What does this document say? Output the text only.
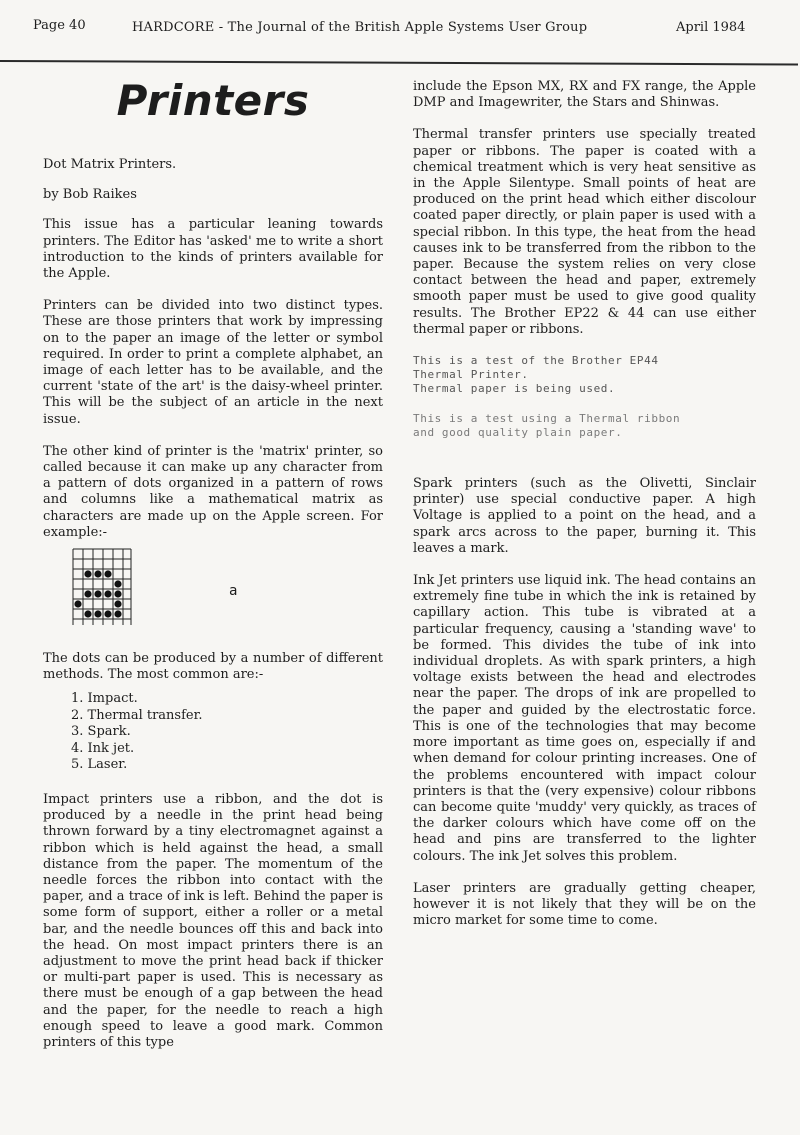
Page 40	HARDCORE - The Journal of the British Apple Systems User Group	April 1984
Printers

Dot Matrix Printers.

by Bob Raikes

This issue has a particular leaning towards printers. The Editor has 'asked' me to write a short introduction to the kinds of printers available for the Apple.

Printers can be divided into two distinct types. These are those printers that work by impressing on to the paper an image of the letter or symbol required. In order to print a complete alphabet, an image of each letter has to be available, and the current 'state of the art' is the daisy-wheel printer. This will be the subject of an article in the next issue.

The other kind of printer is the 'matrix' printer, so called because it can make up any character from a pattern of dots organized in a pattern of rows and columns like a mathematical matrix as characters are made up on the Apple screen. For example:-

a

The dots can be produced by a number of different methods. The most common are:-

1. Impact.
2. Thermal transfer.
3. Spark.
4. Ink jet.
5. Laser.

Impact printers use a ribbon, and the dot is produced by a needle in the print head being thrown forward by a tiny electromagnet against a ribbon which is held against the head, a small distance from the paper. The momentum of the needle forces the ribbon into contact with the paper, and a trace of ink is left. Behind the paper is some form of support, either a roller or a metal bar, and the needle bounces off this and back into the head. On most impact printers there is an adjustment to move the print head back if thicker or multi-part paper is used. This is necessary as there must be enough of a gap between the head and the paper, for the needle to reach a high enough speed to leave a good mark. Common printers of this type

include the Epson MX, RX and FX range, the Apple DMP and Imagewriter, the Stars and Shinwas.

Thermal transfer printers use specially treated paper or ribbons. The paper is coated with a chemical treatment which is very heat sensitive as in the Apple Silentype. Small points of heat are produced on the print head which either discolour coated paper directly, or plain paper is used with a special ribbon. In this type, the heat from the head causes ink to be transferred from the ribbon to the paper. Because the system relies on very close contact between the head and paper, extremely smooth paper must be used to give good quality results. The Brother EP22 & 44 can use either thermal paper or ribbons.

This is a test of the Brother EP44
Thermal Printer.
Thermal paper is being used.
This is a test using a Thermal ribbon
and good quality plain paper.

Spark printers (such as the Olivetti, Sinclair printer) use special conductive paper. A high Voltage is applied to a point on the head, and a spark arcs across to the paper, burning it. This leaves a mark.

Ink Jet printers use liquid ink. The head contains an extremely fine tube in which the ink is retained by capillary action. This tube is vibrated at a particular frequency, causing a 'standing wave' to be formed. This divides the tube of ink into individual droplets. As with spark printers, a high voltage exists between the head and electrodes near the paper. The drops of ink are propelled to the paper and guided by the electrostatic force. This is one of the technologies that may become more important as time goes on, especially if and when demand for colour printing increases. One of the problems encountered with impact colour printers is that the (very expensive) colour ribbons can become quite 'muddy' very quickly, as traces of the darker colours which have come off on the head and pins are transferred to the lighter colours. The ink Jet solves this problem.

Laser printers are gradually getting cheaper, however it is not likely that they will be on the micro market for some time to come.
